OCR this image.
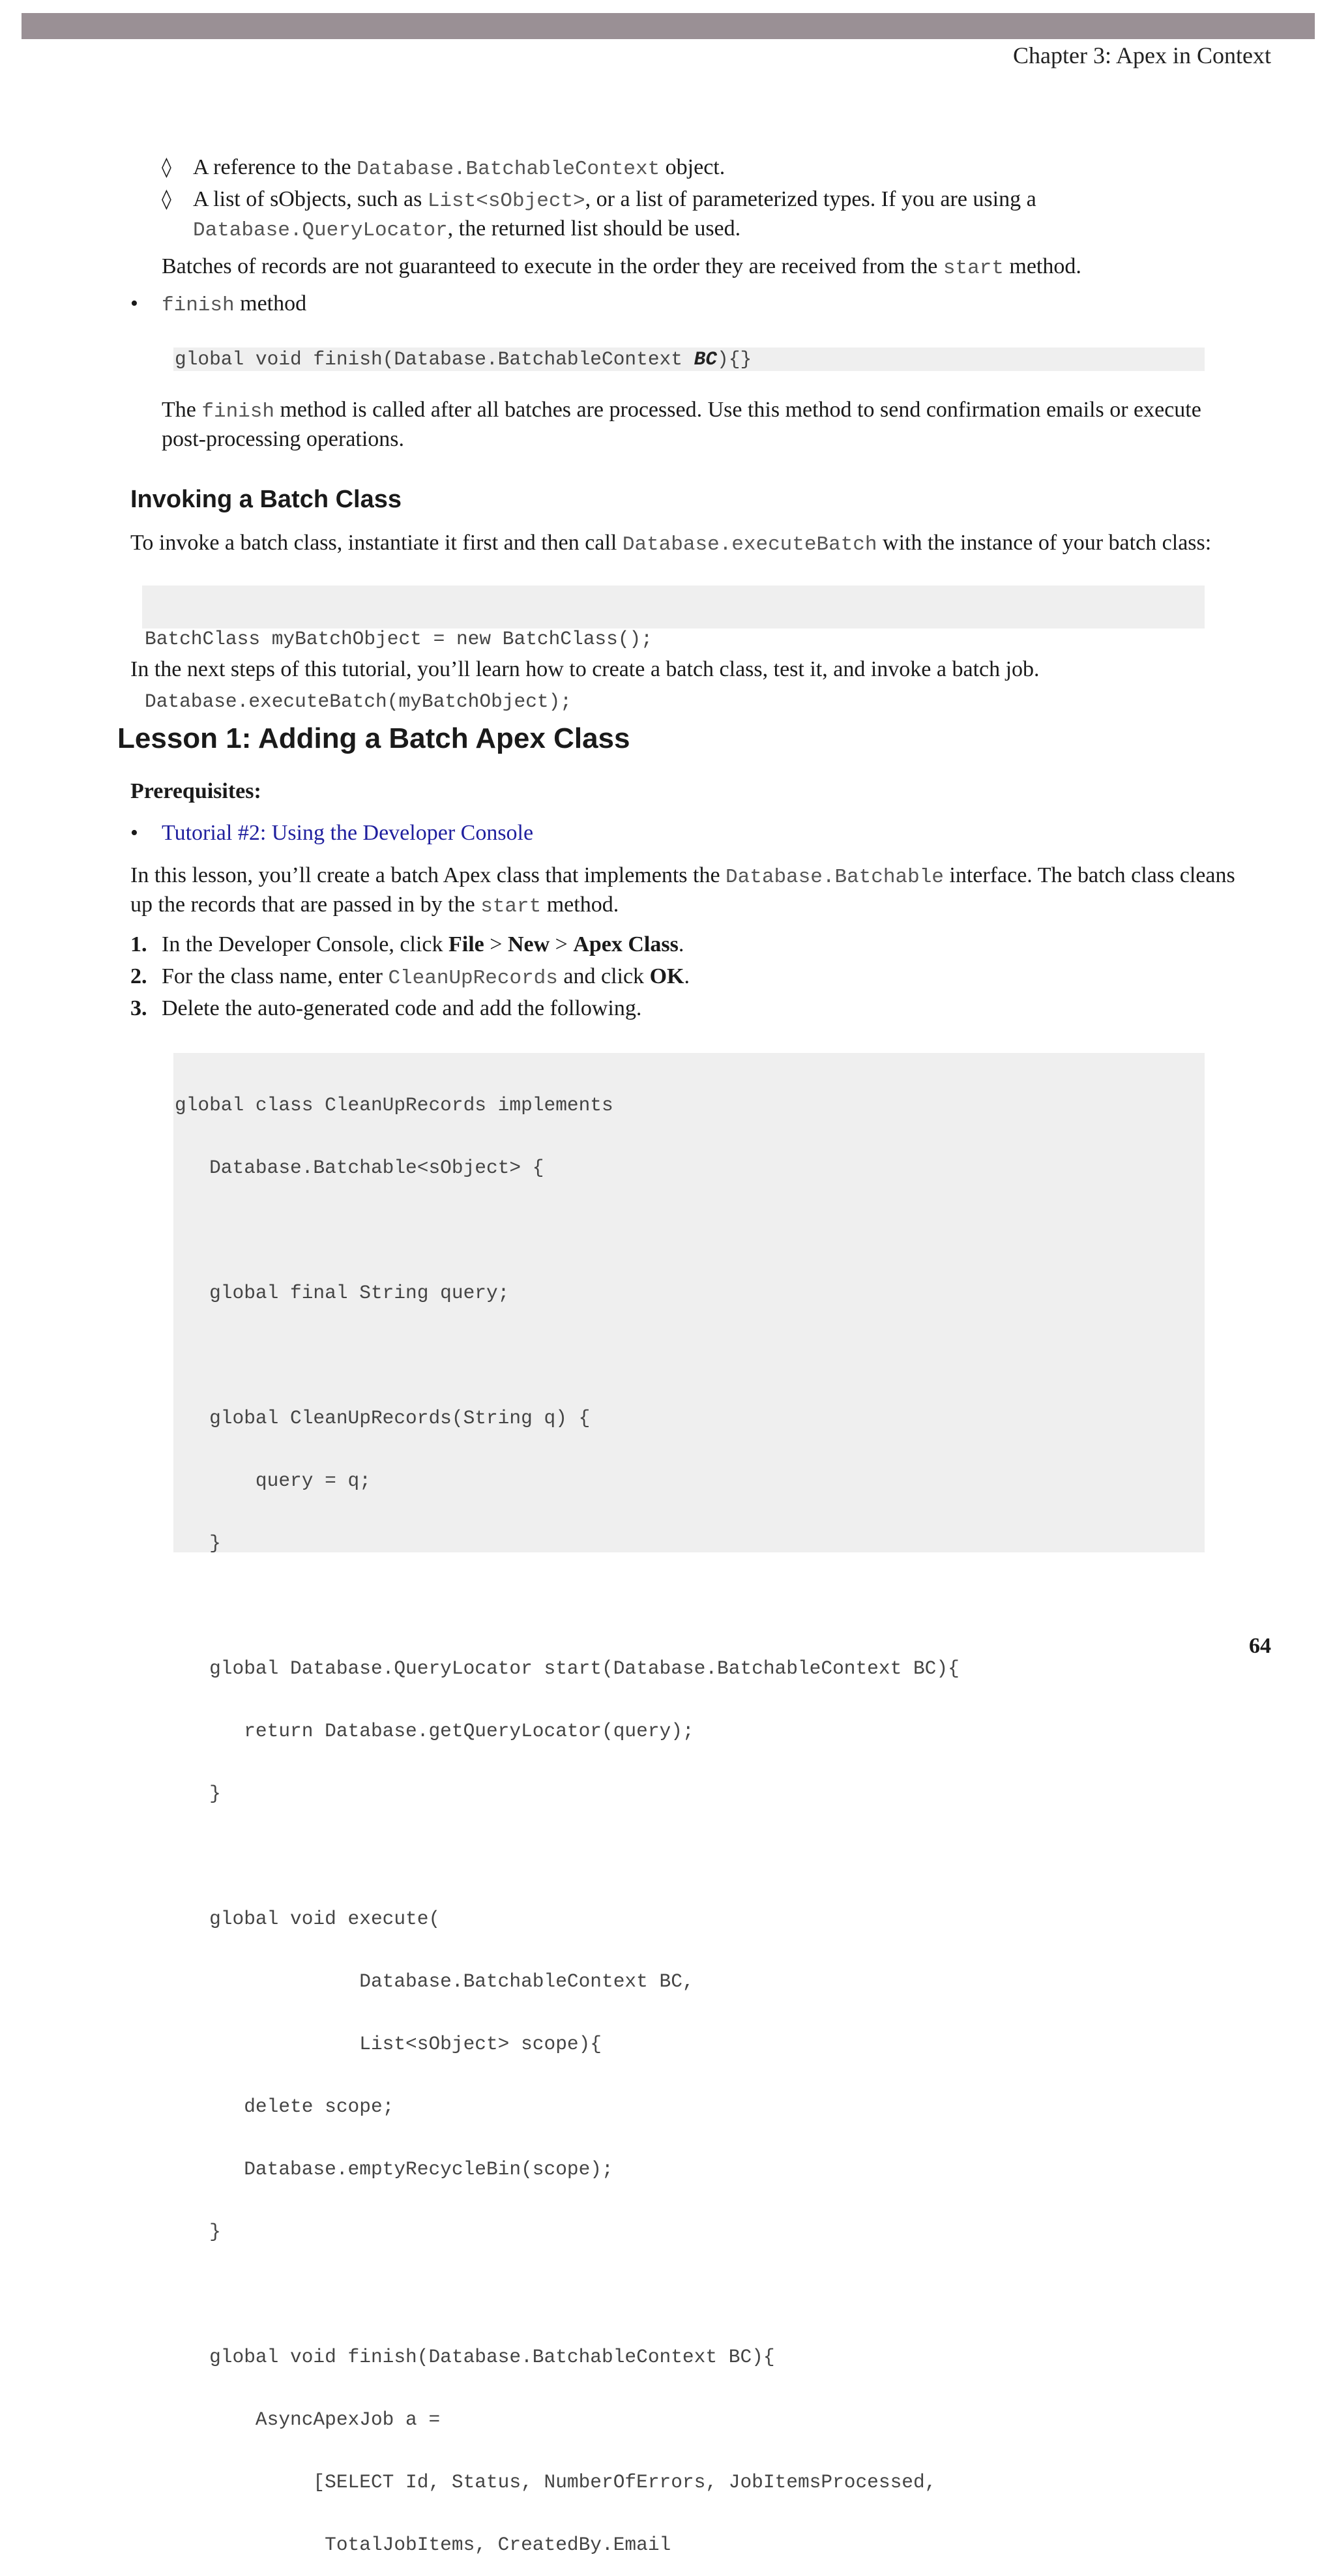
Chapter 3: Apex in Context
◊ A reference to the Database.BatchableContext object.
◊ A list of sObjects, such as List<sObject>, or a list of parameterized types. If you are using a
Database.QueryLocator, the returned list should be used.
Batches of records are not guaranteed to execute in the order they are received from the start method.
• finish method
global void finish(Database.BatchableContext BC){}
The finish method is called after all batches are processed. Use this method to send confirmation emails or execute post-processing operations.
Invoking a Batch Class
To invoke a batch class, instantiate it first and then call Database.executeBatch with the instance of your batch class:

BatchClass myBatchObject = new BatchClass();

Database.executeBatch(myBatchObject);

In the next steps of this tutorial, you’ll learn how to create a batch class, test it, and invoke a batch job.
Lesson 1: Adding a Batch Apex Class
Prerequisites:
• Tutorial #2: Using the Developer Console
In this lesson, you’ll create a batch Apex class that implements the Database.Batchable interface. The batch class cleans up the records that are passed in by the start method.
1. In the Developer Console, click File > New > Apex Class.
2. For the class name, enter CleanUpRecords and click OK.
3. Delete the auto-generated code and add the following.

global class CleanUpRecords implements

Database.Batchable<sObject> {

global final String query;

global CleanUpRecords(String q) {

query = q;

}

global Database.QueryLocator start(Database.BatchableContext BC){

return Database.getQueryLocator(query);

}

global void execute(

Database.BatchableContext BC,

List<sObject> scope){

delete scope;

Database.emptyRecycleBin(scope);

}

global void finish(Database.BatchableContext BC){

AsyncApexJob a =

[SELECT Id, Status, NumberOfErrors, JobItemsProcessed,

TotalJobItems, CreatedBy.Email

64
